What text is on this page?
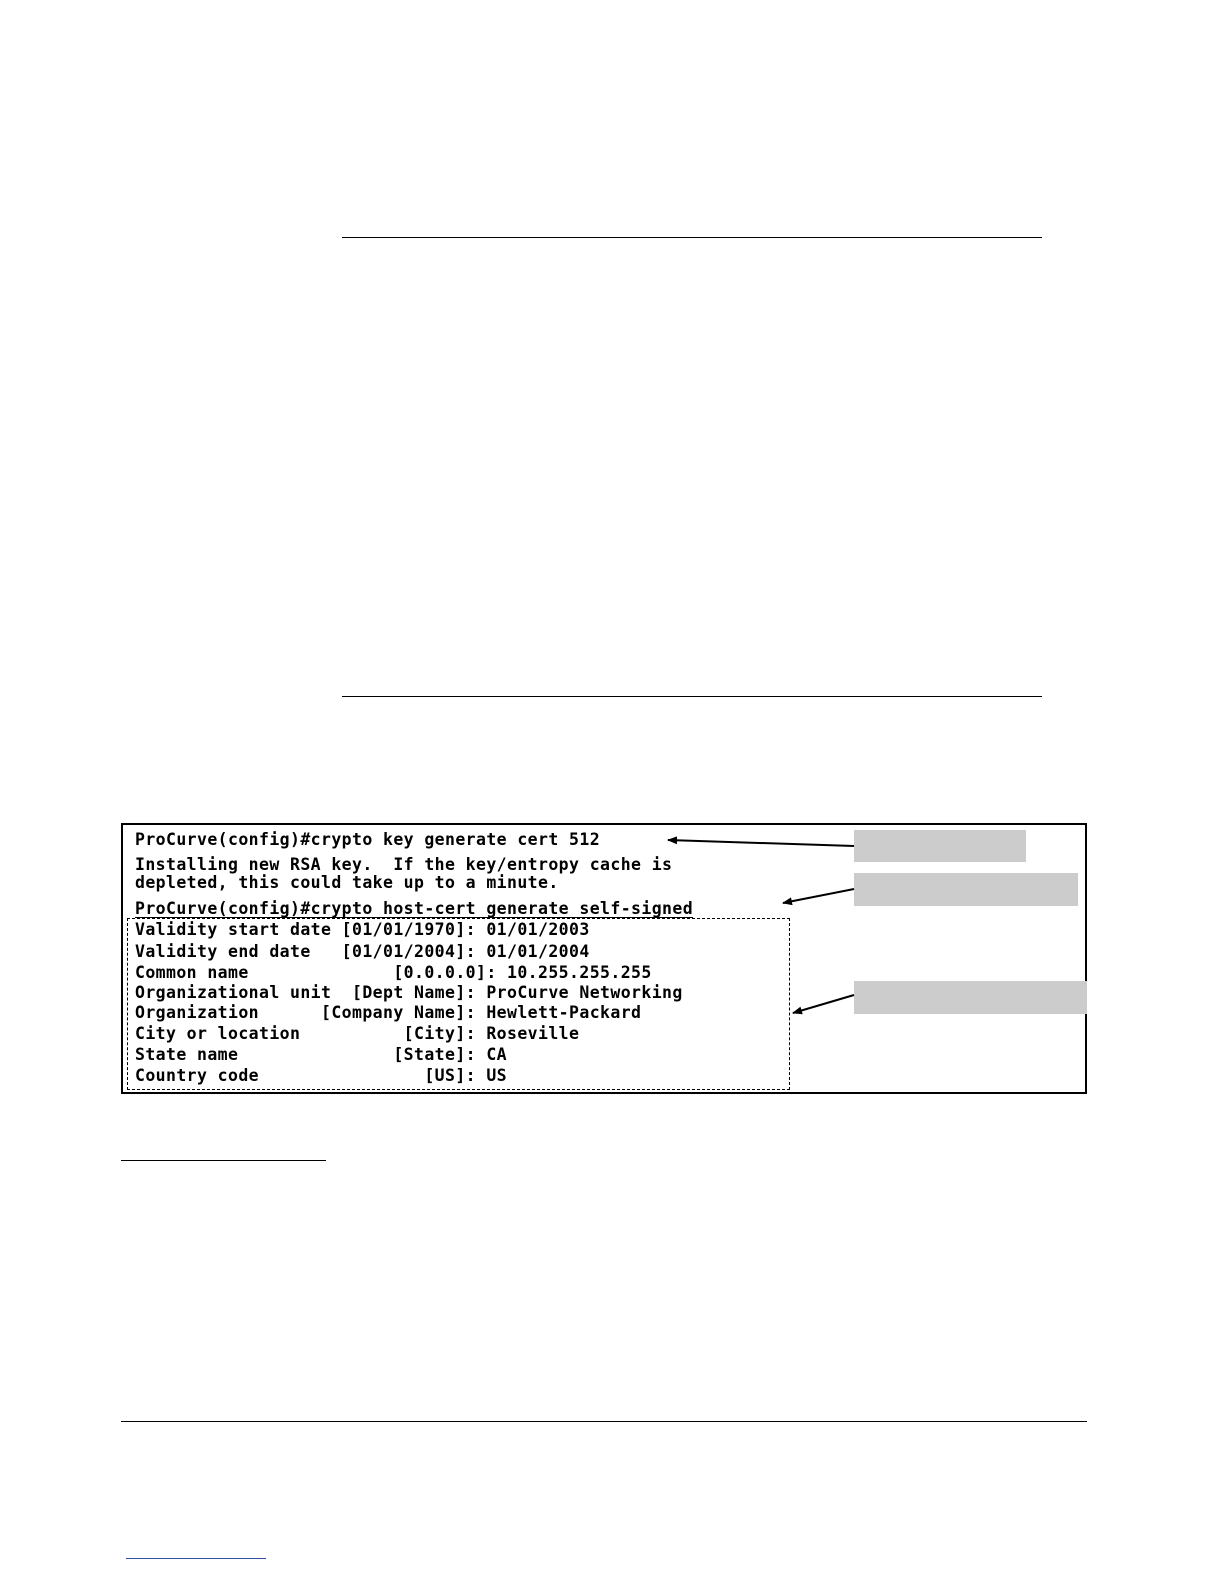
ProCurve(config)#crypto key generate cert 512
Installing new RSA key.  If the key/entropy cache is
depleted, this could take up to a minute.
ProCurve(config)#crypto host-cert generate self-signed
Validity start date [01/01/1970]: 01/01/2003
Validity end date   [01/01/2004]: 01/01/2004
Common name              [0.0.0.0]: 10.255.255.255
Organizational unit  [Dept Name]: ProCurve Networking
Organization      [Company Name]: Hewlett-Packard
City or location          [City]: Roseville
State name               [State]: CA
Country code                [US]: US
